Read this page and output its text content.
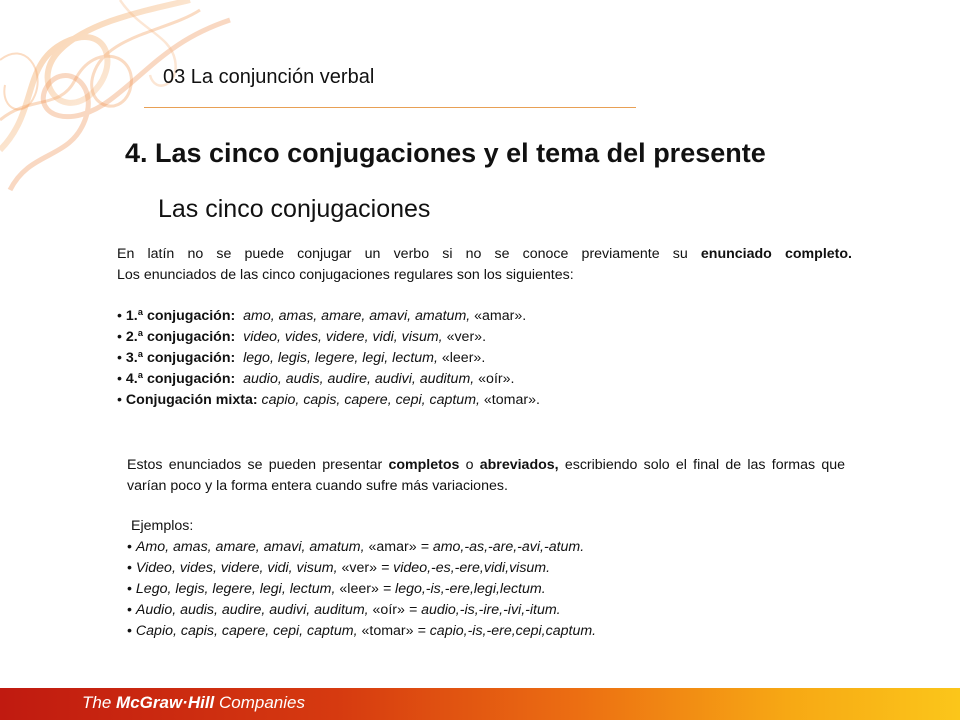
03 La conjunción verbal
4. Las cinco conjugaciones y el tema del presente
Las cinco conjugaciones
En latín no se puede conjugar un verbo si no se conoce previamente su enunciado completo.
Los enunciados de las cinco conjugaciones regulares son los siguientes:
• 1.ª conjugación: amo, amas, amare, amavi, amatum, «amar».
• 2.ª conjugación: video, vides, videre, vidi, visum, «ver».
• 3.ª conjugación: lego, legis, legere, legi, lectum, «leer».
• 4.ª conjugación: audio, audis, audire, audivi, auditum, «oír».
• Conjugación mixta: capio, capis, capere, cepi, captum, «tomar».
Estos enunciados se pueden presentar completos o abreviados, escribiendo solo el final de las formas que varían poco y la forma entera cuando sufre más variaciones.
Ejemplos:
• Amo, amas, amare, amavi, amatum, «amar» = amo,-as,-are,-avi,-atum.
• Video, vides, videre, vidi, visum, «ver» = video,-es,-ere,vidi,visum.
• Lego, legis, legere, legi, lectum, «leer» = lego,-is,-ere,legi,lectum.
• Audio, audis, audire, audivi, auditum, «oír» = audio,-is,-ire,-ivi,-itum.
• Capio, capis, capere, cepi, captum, «tomar» = capio,-is,-ere,cepi,captum.
The McGraw·Hill Companies
